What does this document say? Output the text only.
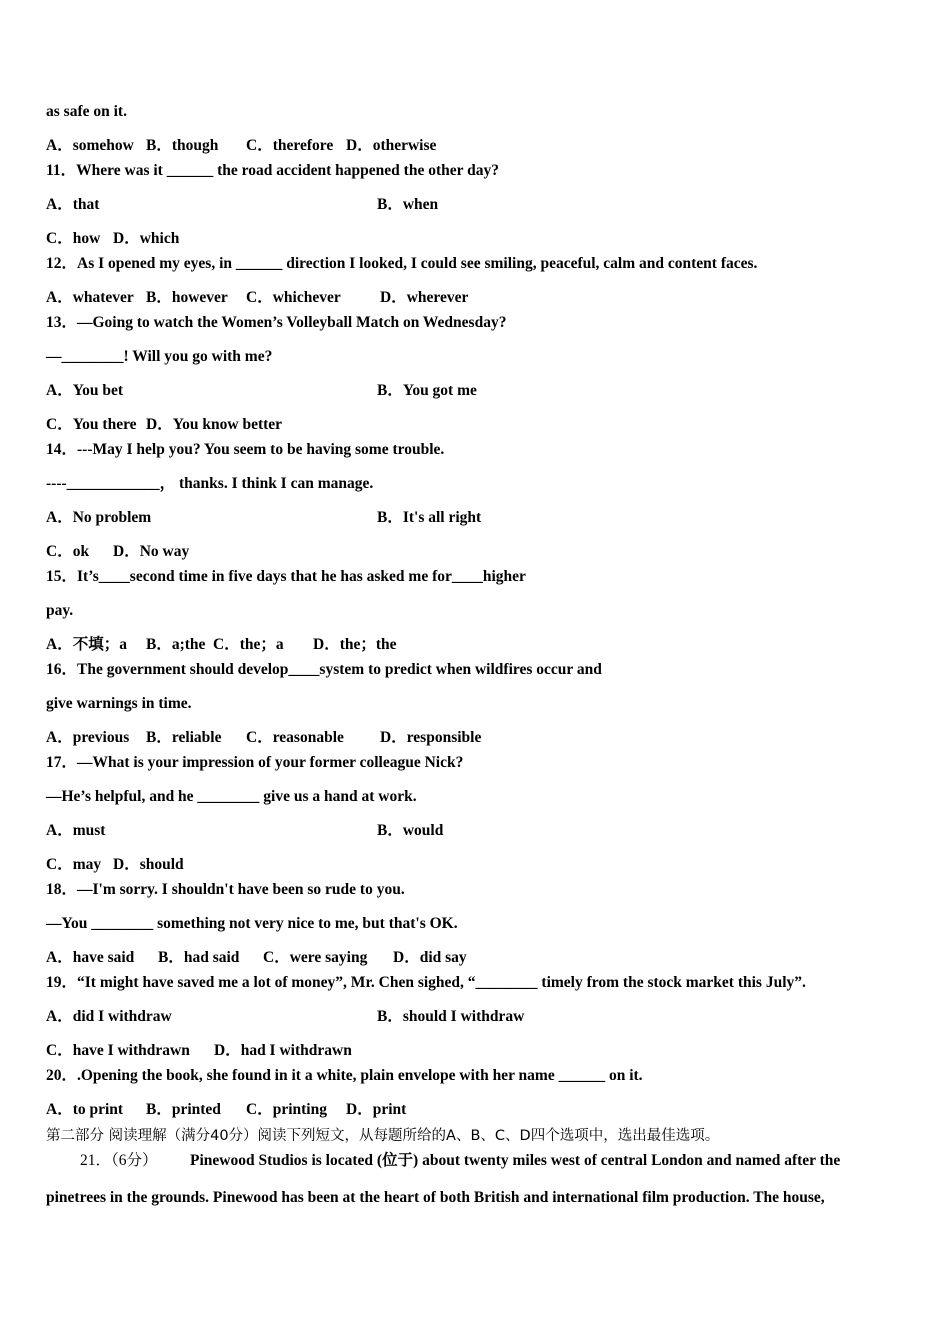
as safe on it.
A．somehow B．though C．therefore D．otherwise
11．Where was it ______ the road accident happened the other day?
A．that	B．when
C．how D．which
12．As I opened my eyes, in ______ direction I looked, I could see smiling, peaceful, calm and content faces.
A．whatever B．however C．whichever	D．wherever
13．—Going to watch the Women’s Volleyball Match on Wednesday?
—________! Will you go with me?
A．You bet	B．You got me
C．You there D．You know better
14．---May I help you? You seem to be having some trouble.
----____________， thanks. I think I can manage.
A．No problem	B．It's all right
C．ok D．No way
15．It’s____second time in five days that he has asked me for____higher
pay.
A．不填；a B．a;the C．the；a D．the；the
16．The government should develop____system to predict when wildfires occur and
give warnings in time.
A．previous B．reliable C．reasonable D．responsible
17．—What is your impression of your former colleague Nick?
—He’s helpful, and he ________ give us a hand at work.
A．must	B．would
C．may D．should
18．—I'm sorry. I shouldn't have been so rude to you.
—You ________ something not very nice to me, but that's OK.
A．have said B．had said C．were saying D．did say
19．“It might have saved me a lot of money”, Mr. Chen sighed, “________ timely from the stock market this July”.
A．did I withdraw	B．should I withdraw
C．have I withdrawn D．had I withdrawn
20．.Opening the book, she found in it a white, plain envelope with her name ______ on it.
A．to print B．printed C．printing D．print
第二部分 阅读理解（满分40分）阅读下列短文，从每题所给的A、B、C、D四个选项中，选出最佳选项。
21．（6分） Pinewood Studios is located (位于) about twenty miles west of central London and named after the
pinetrees in the grounds. Pinewood has been at the heart of both British and international film production. The house,
